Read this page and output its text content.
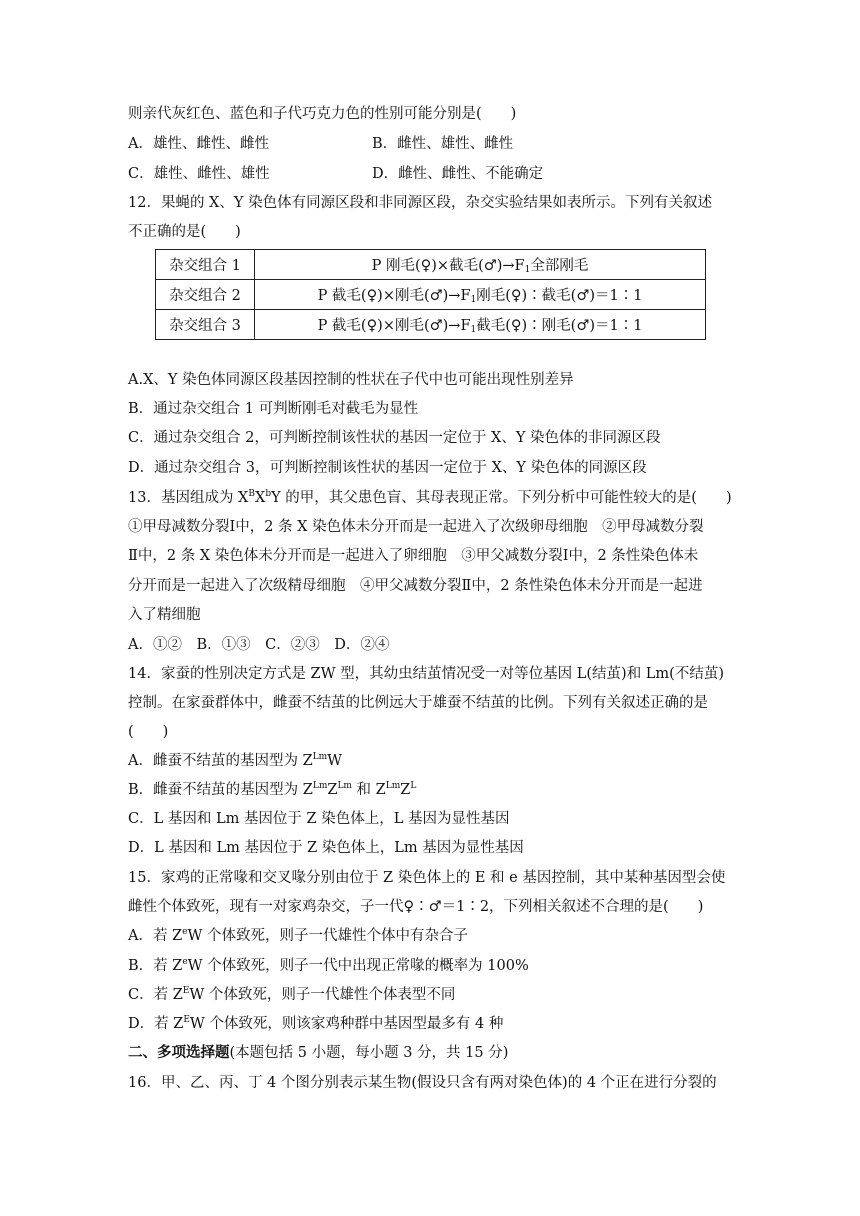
则亲代灰红色、蓝色和子代巧克力色的性别可能分别是(　　)
A．雄性、雌性、雌性	B．雌性、雄性、雌性
C．雄性、雌性、雄性	D．雌性、雌性、不能确定
12．果蝇的 X、Y 染色体有同源区段和非同源区段，杂交实验结果如表所示。下列有关叙述
不正确的是(　　)
杂交组合 1	P 刚毛(♀)×截毛$(♂)\to F_1$全部刚毛
杂交组合 2	P 截毛(♀)×刚毛$(♂)\to F_1$刚毛(♀)∶截毛(♂)＝1∶1
杂交组合 3	P 截毛(♀)×刚毛$(♂)\to F_1$截毛(♀)∶刚毛(♂)＝1∶1
A.X、Y 染色体同源区段基因控制的性状在子代中也可能出现性别差异
B．通过杂交组合 1 可判断刚毛对截毛为显性
C．通过杂交组合 2，可判断控制该性状的基因一定位于 X、Y 染色体的非同源区段
D．通过杂交组合 3，可判断控制该性状的基因一定位于 X、Y 染色体的同源区段
13．基因组成为 $X^BX^bY$ 的甲，其父患色盲、其母表现正常。下列分析中可能性较大的是(　　)
①甲母减数分裂Ⅰ中，2 条 X 染色体未分开而是一起进入了次级卵母细胞　②甲母减数分裂
Ⅱ中，2 条 X 染色体未分开而是一起进入了卵细胞　③甲父减数分裂Ⅰ中，2 条性染色体未
分开而是一起进入了次级精母细胞　④甲父减数分裂Ⅱ中，2 条性染色体未分开而是一起进
入了精细胞
A．①②　B．①③　C．②③　D．②④
14．家蚕的性别决定方式是 ZW 型，其幼虫结茧情况受一对等位基因 L(结茧)和 Lm(不结茧)
控制。在家蚕群体中，雌蚕不结茧的比例远大于雄蚕不结茧的比例。下列有关叙述正确的是
(　　)
A．雌蚕不结茧的基因型为 $Z^{Lm}W$
B．雌蚕不结茧的基因型为 $Z^{Lm}Z^{Lm}$ 和 $Z^{Lm}Z^L$
C．L 基因和 Lm 基因位于 Z 染色体上，L 基因为显性基因
D．L 基因和 Lm 基因位于 Z 染色体上，Lm 基因为显性基因
15．家鸡的正常喙和交叉喙分别由位于 Z 染色体上的 E 和 e 基因控制，其中某种基因型会使
雌性个体致死，现有一对家鸡杂交，子一代♀∶♂＝1∶2，下列相关叙述不合理的是(　　)
A．若 $Z^eW$ 个体致死，则子一代雄性个体中有杂合子
B．若 $Z^eW$ 个体致死，则子一代中出现正常喙的概率为 100%
C．若 $Z^EW$ 个体致死，则子一代雄性个体表型不同
D．若 $Z^EW$ 个体致死，则该家鸡种群中基因型最多有 4 种
二、多项选择题(本题包括 5 小题，每小题 3 分，共 15 分)
16．甲、乙、丙、丁 4 个图分别表示某生物(假设只含有两对染色体)的 4 个正在进行分裂的
